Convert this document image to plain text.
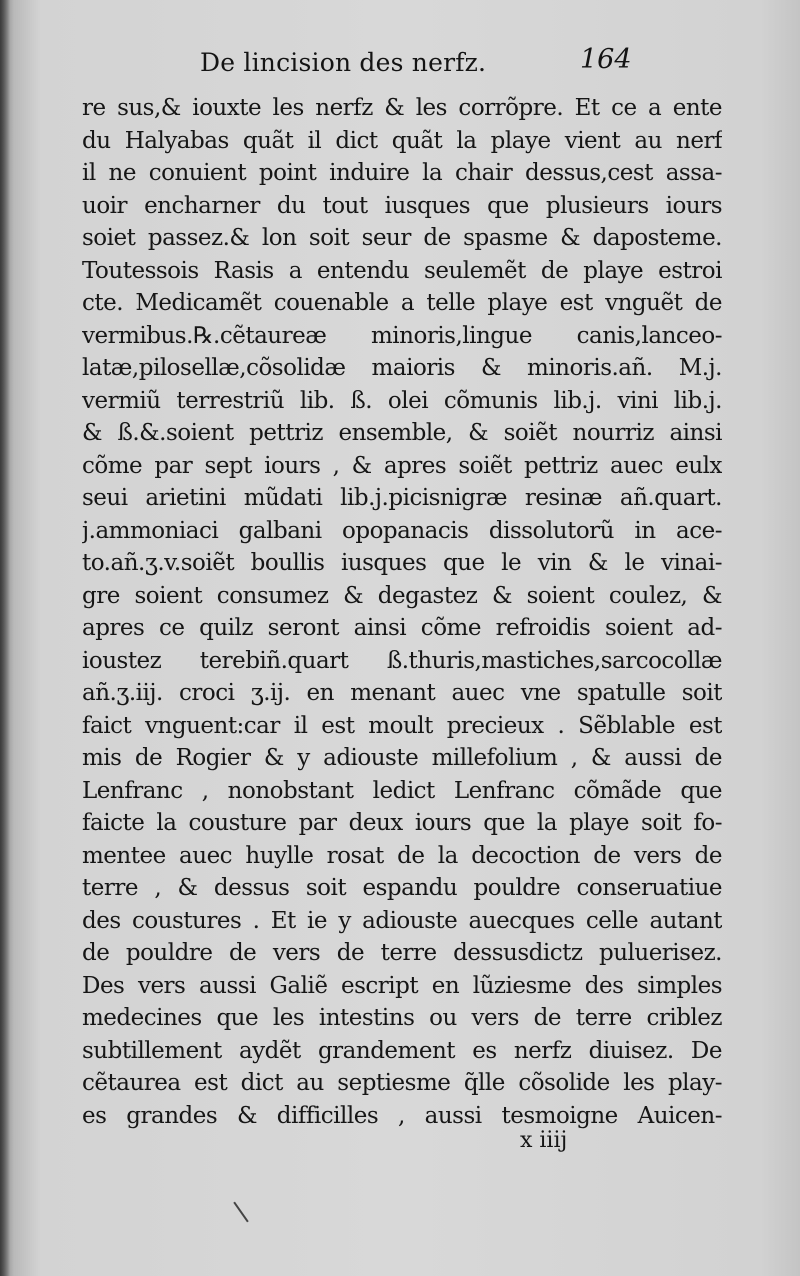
De lincision des nerfz.	164
re sus,& iouxte les nerfz & les corrõpre. Et ce a ente
du Halyabas quãt il dict quãt la playe vient au nerf
il ne conuient point induire la chair dessus,cest assa-
uoir encharner du tout iusques que plusieurs iours
soiet passez.& lon soit seur de spasme & daposteme.
Toutessois Rasis a entendu seulemẽt de playe estroi
cte. Medicamẽt couenable a telle playe est vnguẽt de
vermibus.℞.cẽtaureæ minoris,lingue canis,lanceo-
latæ,pilosellæ,cõsolidæ maioris & minoris.añ. M.j.
vermiũ terrestriũ lib. ß. olei cõmunis lib.j. vini lib.j.
& ß.&.soient pettriz ensemble, & soiẽt nourriz ainsi
cõme par sept iours , & apres soiẽt pettriz auec eulx
seui arietini mũdati lib.j.picisnigræ resinæ añ.quart.
j.ammoniaci galbani opopanacis dissolutorũ in ace-
to.añ.ʒ.v.soiẽt boullis iusques que le vin & le vinai-
gre soient consumez & degastez & soient coulez, &
apres ce quilz seront ainsi cõme refroidis soient ad-
ioustez terebiñ.quart ß.thuris,mastiches,sarcocollæ
añ.ʒ.iij. croci ʒ.ij. en menant auec vne spatulle soit
faict vnguent:car il est moult precieux . Sẽblable est
mis de Rogier & y adiouste millefolium , & aussi de
Lenfranc , nonobstant ledict Lenfranc cõmãde que
faicte la cousture par deux iours que la playe soit fo-
mentee auec huylle rosat de la decoction de vers de
terre , & dessus soit espandu pouldre conseruatiue
des coustures . Et ie y adiouste auecques celle autant
de pouldre de vers de terre dessusdictz puluerisez.
Des vers aussi Galiẽ escript en lũziesme des simples
medecines que les intestins ou vers de terre criblez
subtillement aydẽt grandement es nerfz diuisez. De
cẽtaurea est dict au septiesme q̃lle cõsolide les play-
es grandes & difficilles , aussi tesmoigne Auicen-
x iiij
